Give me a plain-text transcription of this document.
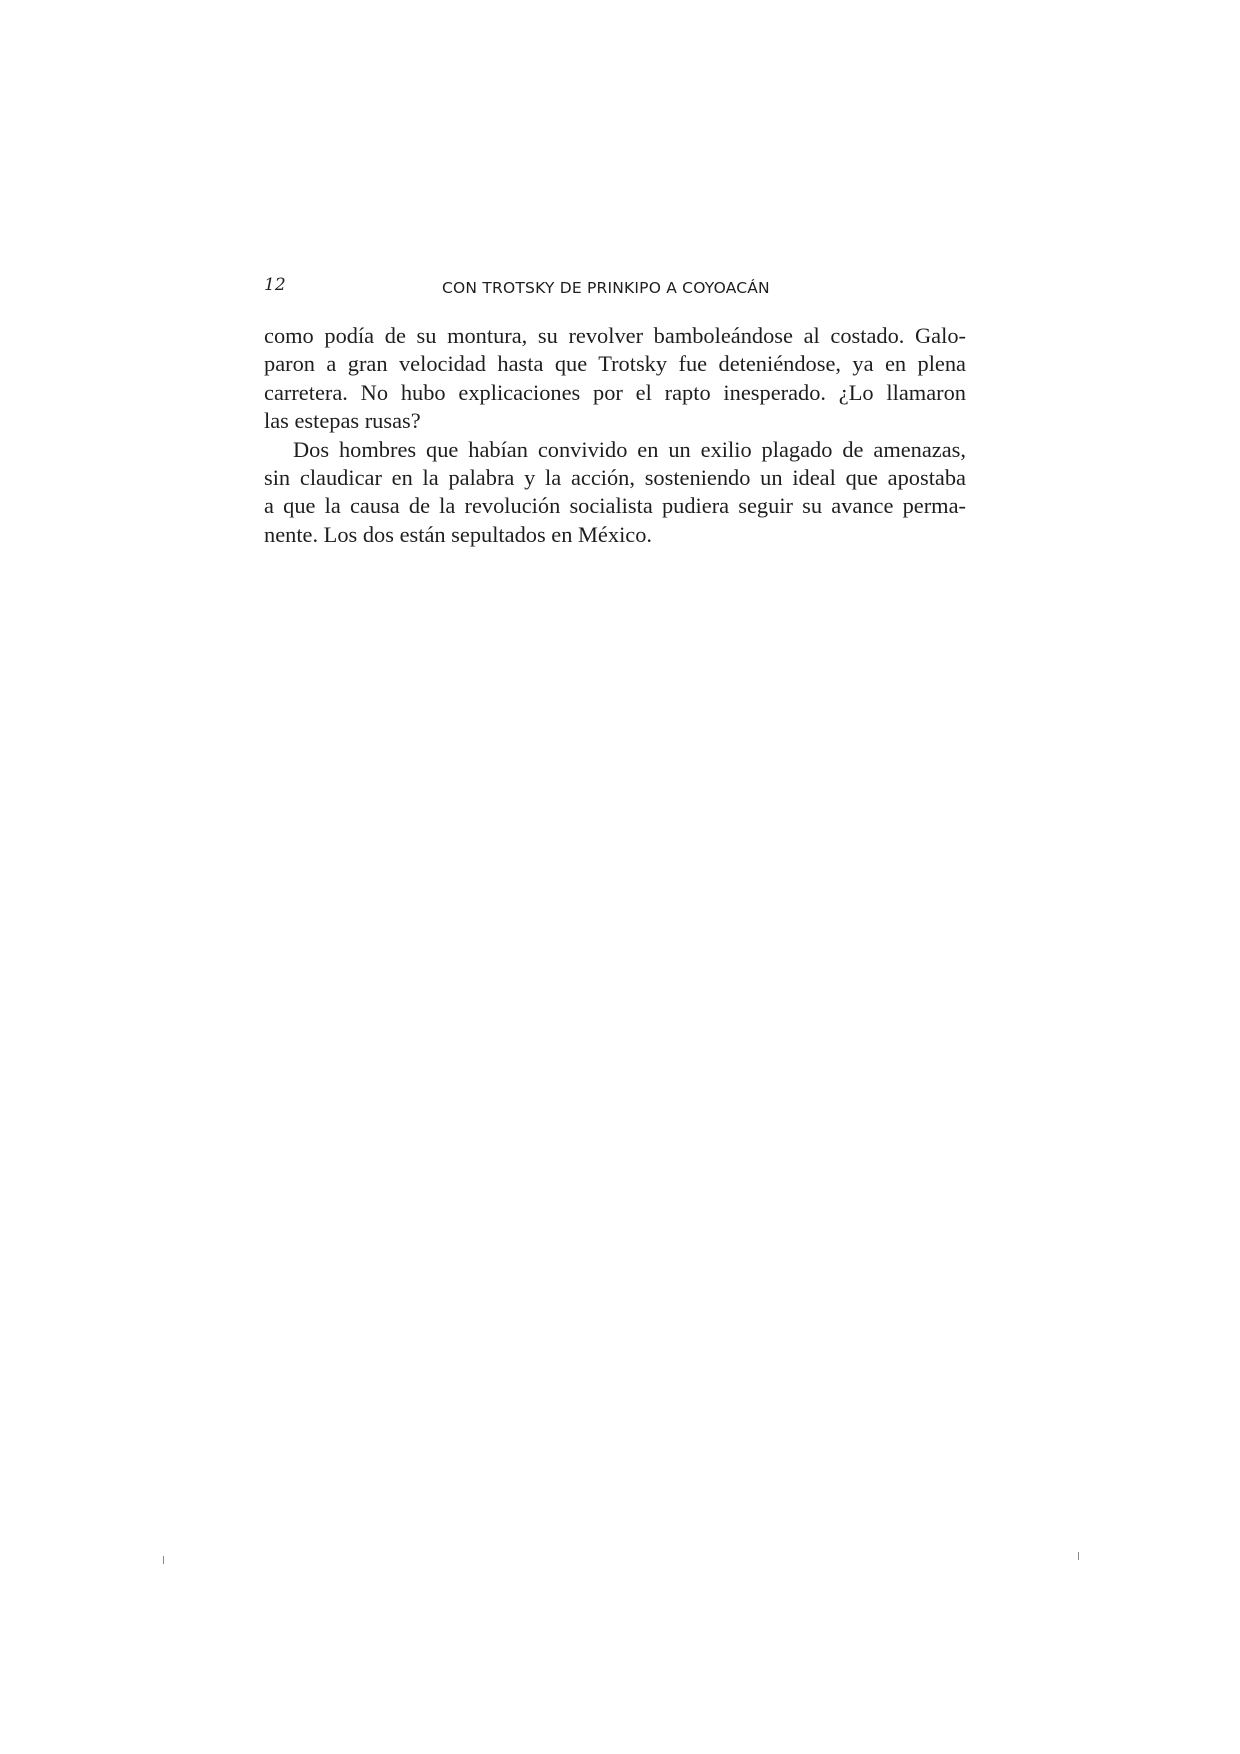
12	CON TROTSKY DE PRINKIPO A COYOACÁN

como podía de su montura, su revolver bamboleándose al costado. Galo-
paron a gran velocidad hasta que Trotsky fue deteniéndose, ya en plena
carretera. No hubo explicaciones por el rapto inesperado. ¿Lo llamaron
las estepas rusas?

Dos hombres que habían convivido en un exilio plagado de amenazas,
sin claudicar en la palabra y la acción, sosteniendo un ideal que apostaba
a que la causa de la revolución socialista pudiera seguir su avance perma-
nente. Los dos están sepultados en México.
